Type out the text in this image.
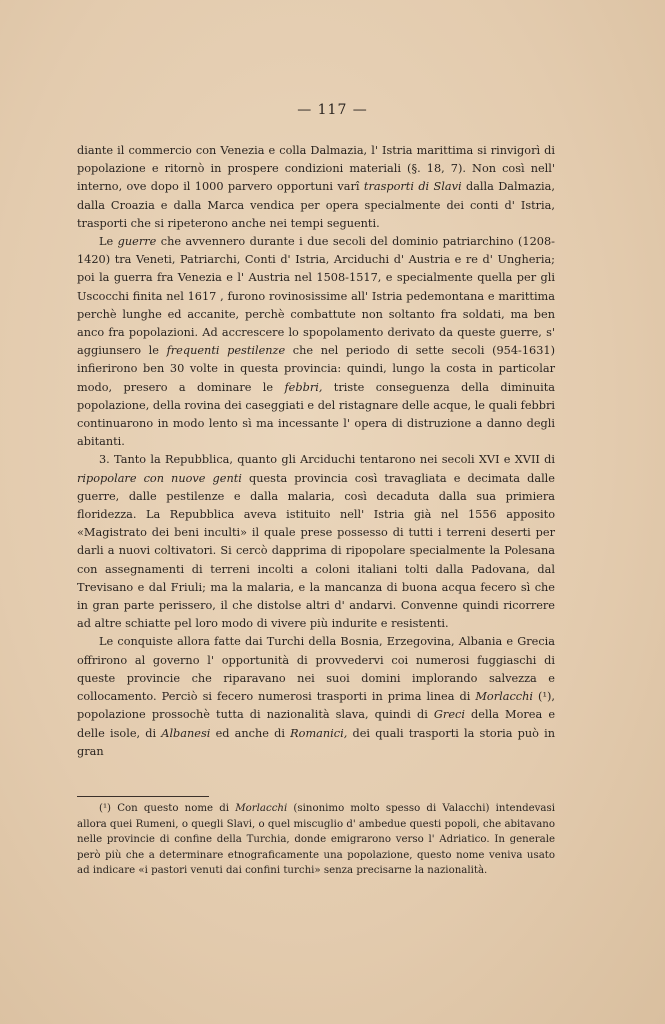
— 117 —

diante il commercio con Venezia e colla Dalmazia, l' Istria marittima si rinvigorì di popolazione e ritornò in prospere condizioni materiali (§. 18, 7). Non così nell' interno, ove dopo il 1000 parvero opportuni varî trasporti di Slavi dalla Dalmazia, dalla Croazia e dalla Marca vendica per opera specialmente dei conti d' Istria, trasporti che si ripeterono anche nei tempi seguenti.

Le guerre che avvennero durante i due secoli del dominio patriarchino (1208-1420) tra Veneti, Patriarchi, Conti d' Istria, Arciduchi d' Austria e re d' Ungheria; poi la guerra fra Venezia e l' Austria nel 1508-1517, e specialmente quella per gli Uscocchi finita nel 1617 , furono rovinosissime all' Istria pedemontana e marittima perchè lunghe ed accanite, perchè combattute non soltanto fra soldati, ma ben anco fra popolazioni. Ad accrescere lo spopolamento derivato da queste guerre, s' aggiunsero le frequenti pestilenze che nel periodo di sette secoli (954-1631) infierirono ben 30 volte in questa provincia: quindi, lungo la costa in particolar modo, presero a dominare le febbri, triste conseguenza della diminuita popolazione, della rovina dei caseggiati e del ristagnare delle acque, le quali febbri continuarono in modo lento sì ma incessante l' opera di distruzione a danno degli abitanti.

3. Tanto la Repubblica, quanto gli Arciduchi tentarono nei secoli XVI e XVII di ripopolare con nuove genti questa provincia così travagliata e decimata dalle guerre, dalle pestilenze e dalla malaria, così decaduta dalla sua primiera floridezza. La Repubblica aveva istituito nell' Istria già nel 1556 apposito «Magistrato dei beni inculti» il quale prese possesso di tutti i terreni deserti per darli a nuovi coltivatori. Si cercò dapprima di ripopolare specialmente la Polesana con assegnamenti di terreni incolti a coloni italiani tolti dalla Padovana, dal Trevisano e dal Friuli; ma la malaria, e la mancanza di buona acqua fecero sì che in gran parte perissero, il che distolse altri d' andarvi. Convenne quindi ricorrere ad altre schiatte pel loro modo di vivere più indurite e resistenti.

Le conquiste allora fatte dai Turchi della Bosnia, Erzegovina, Albania e Grecia offrirono al governo l' opportunità di provvedervi coi numerosi fuggiaschi di queste provincie che riparavano nei suoi domini implorando salvezza e collocamento. Perciò si fecero numerosi trasporti in prima linea di Morlacchi (¹), popolazione prossochè tutta di nazionalità slava, quindi di Greci della Morea e delle isole, di Albanesi ed anche di Romanici, dei quali trasporti la storia può in gran

(¹) Con questo nome di Morlacchi (sinonimo molto spesso di Valacchi) intendevasi allora quei Rumeni, o quegli Slavi, o quel miscuglio d' ambedue questi popoli, che abitavano nelle provincie di confine della Turchia, donde emigrarono verso l' Adriatico. In generale però più che a determinare etnograficamente una popolazione, questo nome veniva usato ad indicare «i pastori venuti dai confini turchi» senza precisarne la nazionalità.
